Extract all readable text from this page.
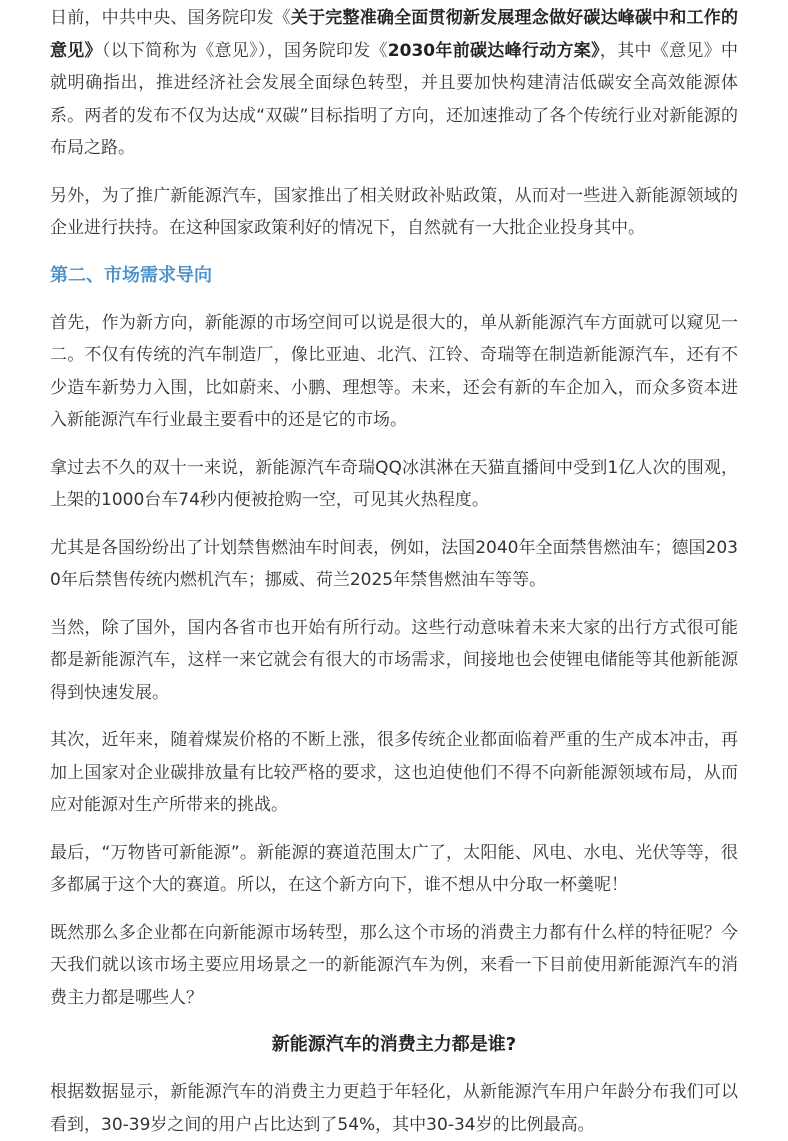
日前，中共中央、国务院印发《关于完整准确全面贯彻新发展理念做好碳达峰碳中和工作的意见》（以下简称为《意见》），国务院印发《2030年前碳达峰行动方案》，其中《意见》中就明确指出，推进经济社会发展全面绿色转型，并且要加快构建清洁低碳安全高效能源体系。两者的发布不仅为达成“双碳”目标指明了方向，还加速推动了各个传统行业对新能源的布局之路。

另外，为了推广新能源汽车，国家推出了相关财政补贴政策，从而对一些进入新能源领域的企业进行扶持。在这种国家政策利好的情况下，自然就有一大批企业投身其中。

第二、市场需求导向

首先，作为新方向，新能源的市场空间可以说是很大的，单从新能源汽车方面就可以窥见一二。不仅有传统的汽车制造厂，像比亚迪、北汽、江铃、奇瑞等在制造新能源汽车，还有不少造车新势力入围，比如蔚来、小鹏、理想等。未来，还会有新的车企加入，而众多资本进入新能源汽车行业最主要看中的还是它的市场。

拿过去不久的双十一来说，新能源汽车奇瑞QQ冰淇淋在天猫直播间中受到1亿人次的围观，上架的1000台车74秒内便被抢购一空，可见其火热程度。

尤其是各国纷纷出了计划禁售燃油车时间表，例如，法国2040年全面禁售燃油车；德国2030年后禁售传统内燃机汽车；挪威、荷兰2025年禁售燃油车等等。

当然，除了国外，国内各省市也开始有所行动。这些行动意味着未来大家的出行方式很可能都是新能源汽车，这样一来它就会有很大的市场需求，间接地也会使锂电储能等其他新能源得到快速发展。

其次，近年来，随着煤炭价格的不断上涨，很多传统企业都面临着严重的生产成本冲击，再加上国家对企业碳排放量有比较严格的要求，这也迫使他们不得不向新能源领域布局，从而应对能源对生产所带来的挑战。

最后，“万物皆可新能源”。新能源的赛道范围太广了，太阳能、风电、水电、光伏等等，很多都属于这个大的赛道。所以，在这个新方向下，谁不想从中分取一杯羹呢！

既然那么多企业都在向新能源市场转型，那么这个市场的消费主力都有什么样的特征呢？今天我们就以该市场主要应用场景之一的新能源汽车为例，来看一下目前使用新能源汽车的消费主力都是哪些人？

新能源汽车的消费主力都是谁?

根据数据显示，新能源汽车的消费主力更趋于年轻化，从新能源汽车用户年龄分布我们可以看到，30-39岁之间的用户占比达到了54%，其中30-34岁的比例最高。
